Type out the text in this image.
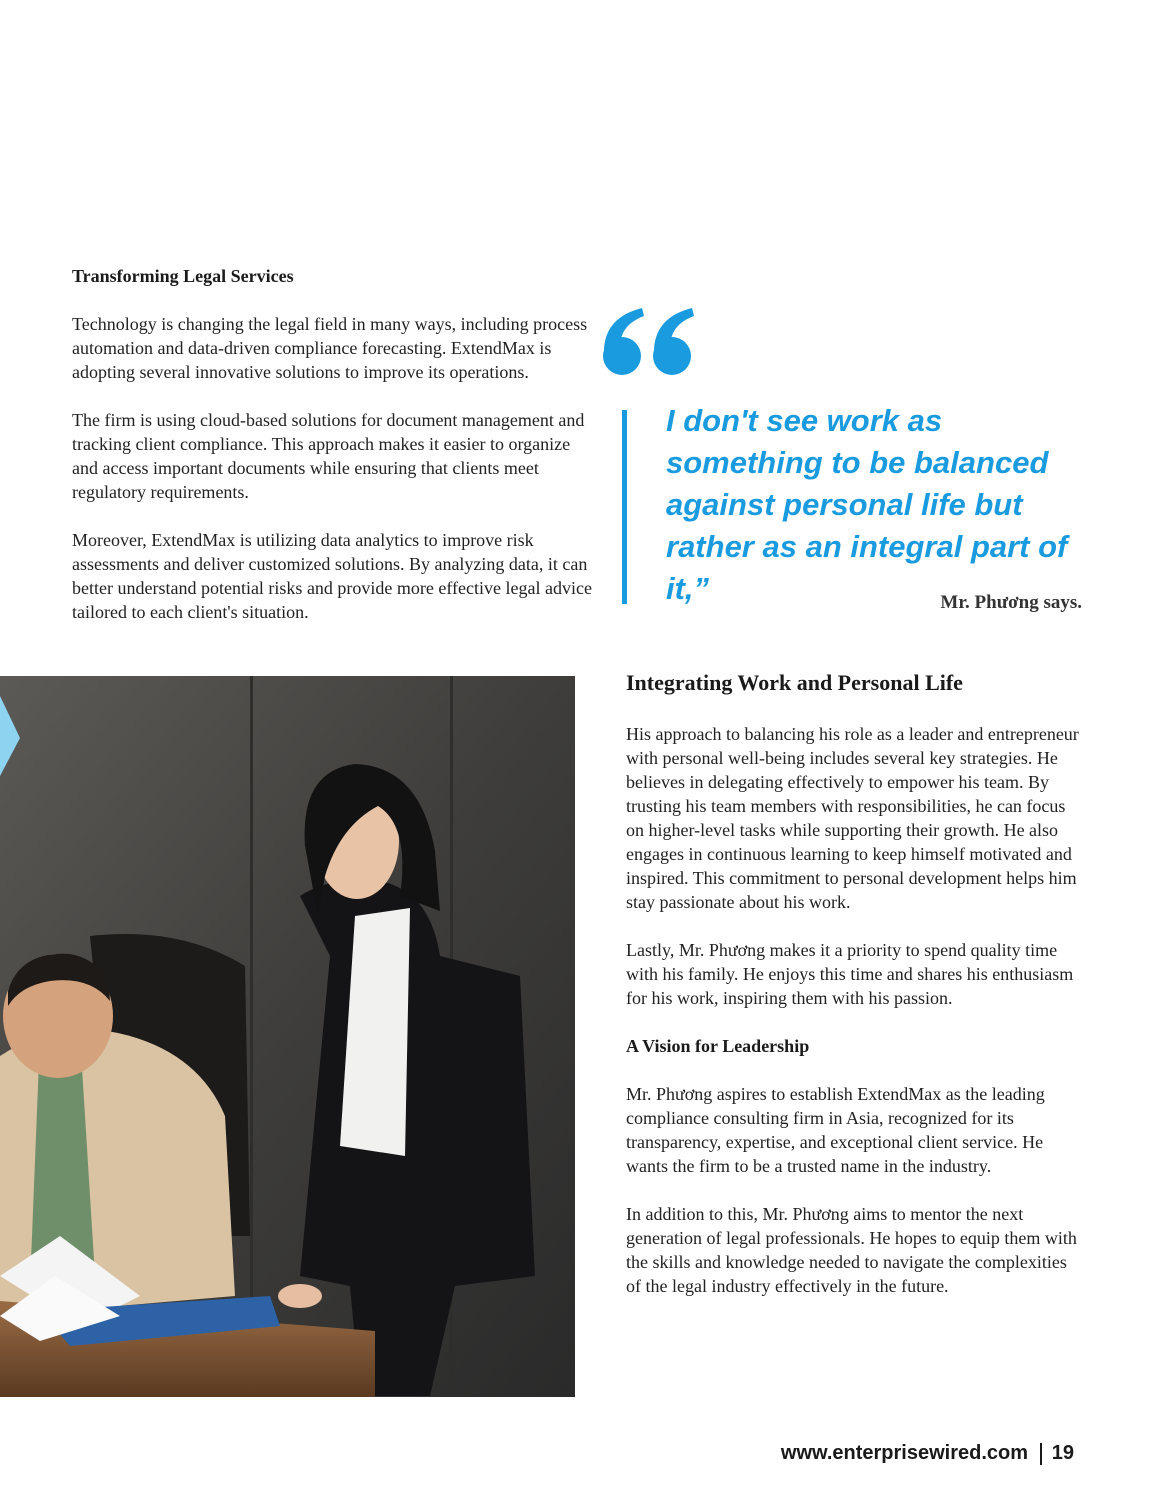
Transforming Legal Services

Technology is changing the legal field in many ways, including process automation and data-driven compliance forecasting. ExtendMax is adopting several innovative solutions to improve its operations.

The firm is using cloud-based solutions for document management and tracking client compliance. This approach makes it easier to organize and access important documents while ensuring that clients meet regulatory requirements.

Moreover, ExtendMax is utilizing data analytics to improve risk assessments and deliver customized solutions. By analyzing data, it can better understand potential risks and provide more effective legal advice tailored to each client's situation.

I don't see work as something to be balanced against personal life but rather as an integral part of it,”	Mr. Phương says.
Integrating Work and Personal Life

His approach to balancing his role as a leader and entrepreneur with personal well-being includes several key strategies. He believes in delegating effectively to empower his team. By trusting his team members with responsibilities, he can focus on higher-level tasks while supporting their growth. He also engages in continuous learning to keep himself motivated and inspired. This commitment to personal development helps him stay passionate about his work.

Lastly, Mr. Phương makes it a priority to spend quality time with his family. He enjoys this time and shares his enthusiasm for his work, inspiring them with his passion.

A Vision for Leadership

Mr. Phương aspires to establish ExtendMax as the leading compliance consulting firm in Asia, recognized for its transparency, expertise, and exceptional client service. He wants the firm to be a trusted name in the industry.

In addition to this, Mr. Phương aims to mentor the next generation of legal professionals. He hopes to equip them with the skills and knowledge needed to navigate the complexities of the legal industry effectively in the future.

www.enterprisewired.com 19
